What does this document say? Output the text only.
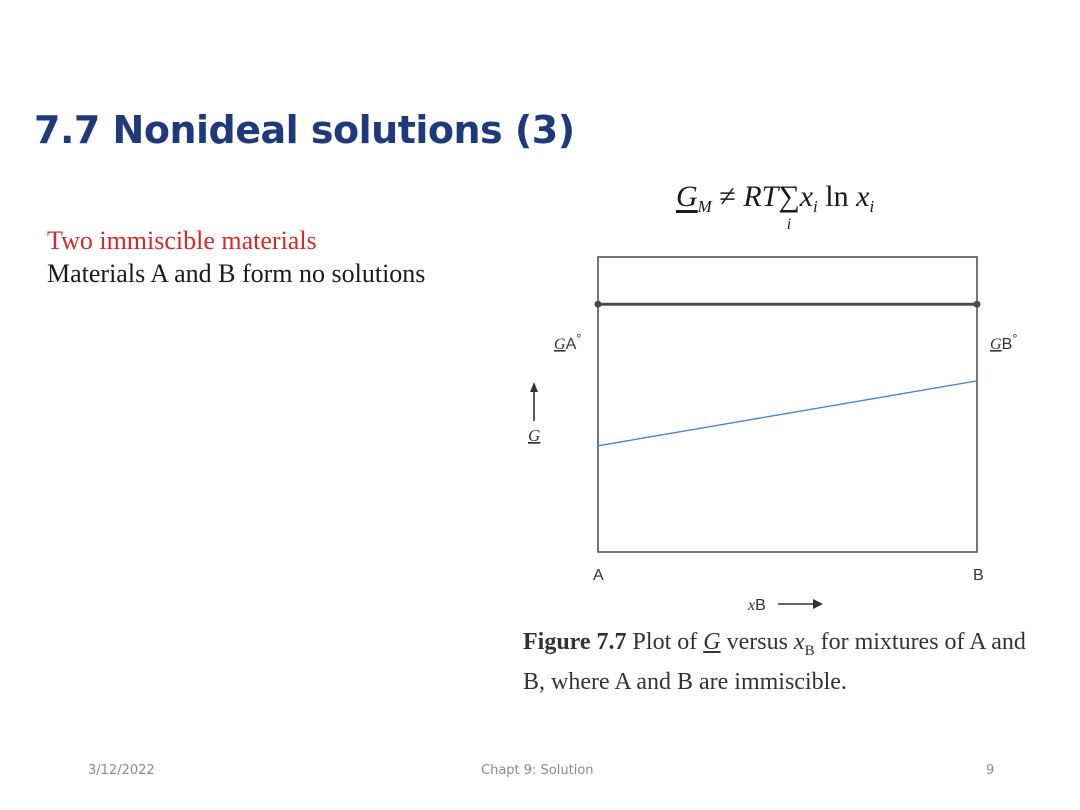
7.7 Nonideal solutions (3)
Two immiscible materials
Materials A and B form no solutions
$G_M \ne RT\sum$
i
$x_i$ $\ln x_i$
G
GA°	GB°
A	B
xB
Figure 7.7 Plot of G versus $x_B$ for mixtures of A and B, where A and B are immiscible.
3/12/2022	Chapt 9: Solution	9
